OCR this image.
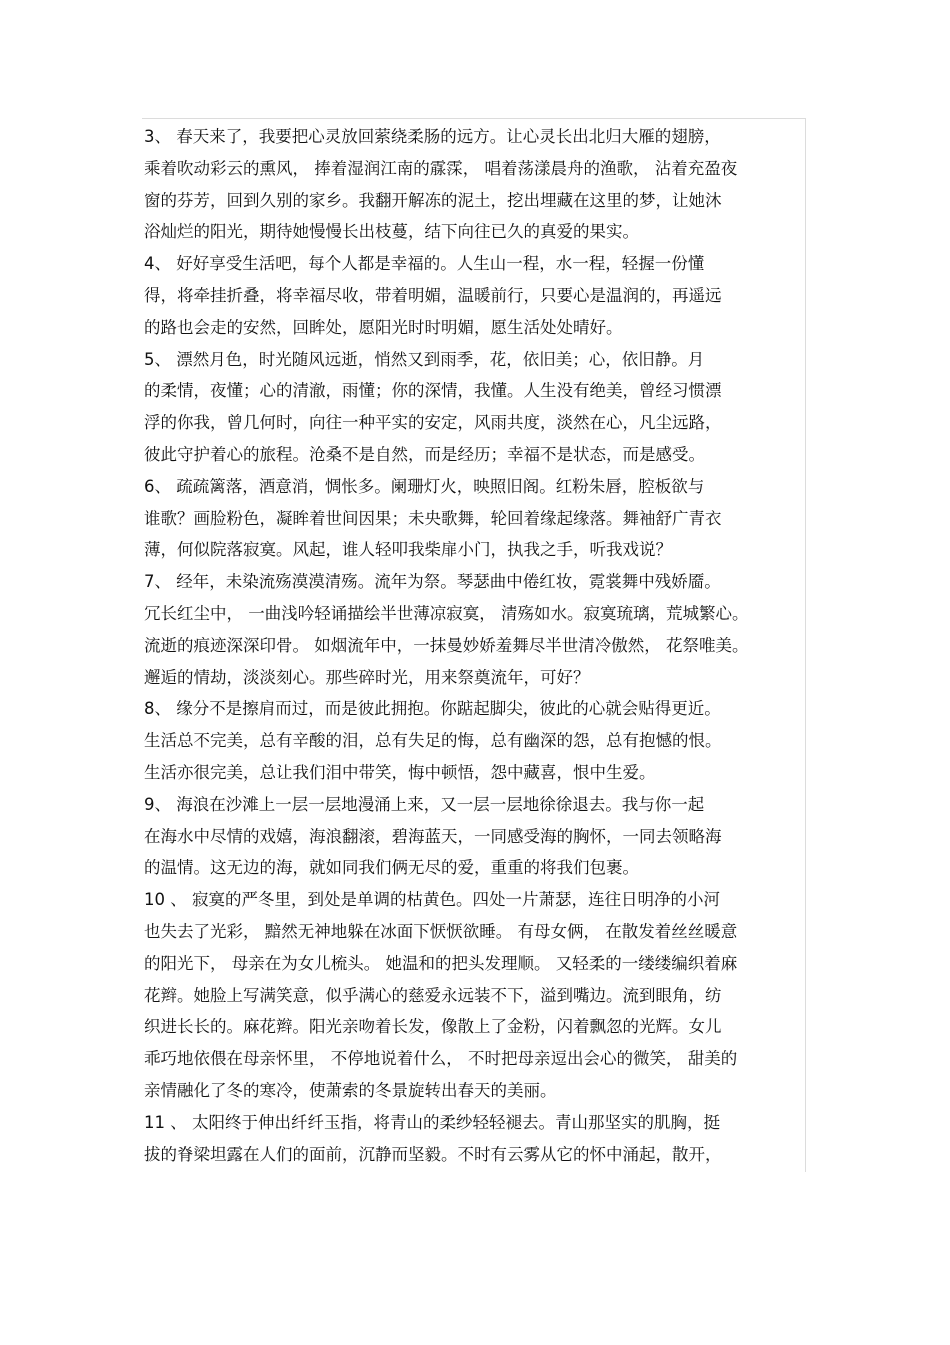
3、 春天来了，我要把心灵放回萦绕柔肠的远方。让心灵长出北归大雁的翅膀，
乘着吹动彩云的熏风， 捧着湿润江南的霡霂， 唱着荡漾晨舟的渔歌， 沾着充盈夜
窗的芬芳，回到久别的家乡。我翻开解冻的泥土，挖出埋藏在这里的梦，让她沐
浴灿烂的阳光，期待她慢慢长出枝蔓，结下向往已久的真爱的果实。
4、 好好享受生活吧，每个人都是幸福的。人生山一程，水一程，轻握一份懂
得，将牵挂折叠，将幸福尽收，带着明媚，温暖前行，只要心是温润的，再遥远
的路也会走的安然，回眸处，愿阳光时时明媚，愿生活处处晴好。
5、 漂然月色，时光随风远逝，悄然又到雨季，花，依旧美；心，依旧静。月
的柔情，夜懂；心的清澈，雨懂；你的深情，我懂。人生没有绝美，曾经习惯漂
浮的你我，曾几何时，向往一种平实的安定，风雨共度，淡然在心，凡尘远路，
彼此守护着心的旅程。沧桑不是自然，而是经历；幸福不是状态，而是感受。
6、 疏疏篱落，酒意消，惆怅多。阑珊灯火，映照旧阁。红粉朱唇，腔板欲与
谁歌？画脸粉色，凝眸着世间因果；未央歌舞，轮回着缘起缘落。舞袖舒广青衣
薄，何似院落寂寞。风起，谁人轻叩我柴扉小门，执我之手，听我戏说？
7、 经年，未染流殇漠漠清殇。流年为祭。琴瑟曲中倦红妆，霓裳舞中残娇靥。
冗长红尘中， 一曲浅吟轻诵描绘半世薄凉寂寞， 清殇如水。寂寞琉璃，荒城繁心。
流逝的痕迹深深印骨。 如烟流年中，一抹曼妙娇羞舞尽半世清冷傲然， 花祭唯美。
邂逅的情劫，淡淡刻心。那些碎时光，用来祭奠流年，可好？
8、 缘分不是擦肩而过，而是彼此拥抱。你踮起脚尖，彼此的心就会贴得更近。
生活总不完美，总有辛酸的泪，总有失足的悔，总有幽深的怨，总有抱憾的恨。
生活亦很完美，总让我们泪中带笑，悔中顿悟，怨中藏喜，恨中生爱。
9、 海浪在沙滩上一层一层地漫涌上来，又一层一层地徐徐退去。我与你一起
在海水中尽情的戏嬉，海浪翻滚，碧海蓝天，一同感受海的胸怀，一同去领略海
的温情。这无边的海，就如同我们俩无尽的爱，重重的将我们包裹。
10 、 寂寞的严冬里，到处是单调的枯黄色。四处一片萧瑟，连往日明净的小河
也失去了光彩， 黯然无神地躲在冰面下恹恹欲睡。 有母女俩， 在散发着丝丝暖意
的阳光下， 母亲在为女儿梳头。 她温和的把头发理顺。 又轻柔的一缕缕编织着麻
花辫。她脸上写满笑意，似乎满心的慈爱永远装不下，溢到嘴边。流到眼角，纺
织进长长的。麻花辫。阳光亲吻着长发，像散上了金粉，闪着飘忽的光辉。女儿
乖巧地依偎在母亲怀里， 不停地说着什么， 不时把母亲逗出会心的微笑， 甜美的
亲情融化了冬的寒冷，使萧索的冬景旋转出春天的美丽。
11 、 太阳终于伸出纤纤玉指，将青山的柔纱轻轻褪去。青山那坚实的肌胸，挺
拔的脊梁坦露在人们的面前，沉静而坚毅。不时有云雾从它的怀中涌起，散开，
